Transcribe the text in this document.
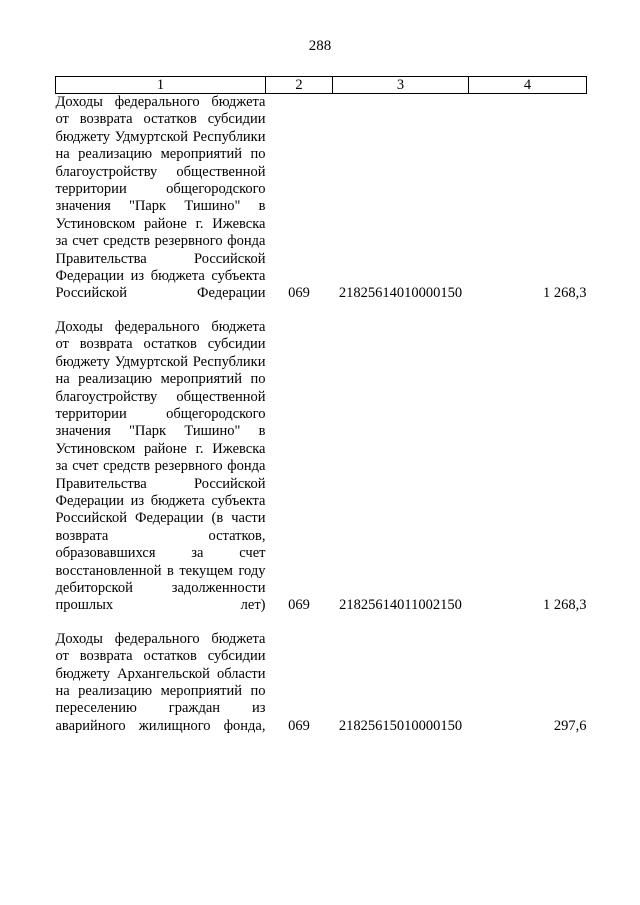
288
1	2	3	4
Доходы федерального бюджета от возврата остатков субсидии бюджету Удмуртской Республики на реализацию мероприятий по благоустройству общественной территории общегородского значения "Парк Тишино" в Устиновском районе г. Ижевска за счет средств резервного фонда Правительства Российской Федерации из бюджета субъекта Российской Федерации	069	21825614010000150	1 268,3

Доходы федерального бюджета от возврата остатков субсидии бюджету Удмуртской Республики на реализацию мероприятий по благоустройству общественной территории общегородского значения "Парк Тишино" в Устиновском районе г. Ижевска за счет средств резервного фонда Правительства Российской Федерации из бюджета субъекта Российской Федерации (в части возврата остатков, образовавшихся за счет восстановленной в текущем году дебиторской задолженности прошлых лет)	069	21825614011002150	1 268,3

Доходы федерального бюджета от возврата остатков субсидии бюджету Архангельской области на реализацию мероприятий по переселению граждан из аварийного жилищного фонда,	069	21825615010000150	297,6
